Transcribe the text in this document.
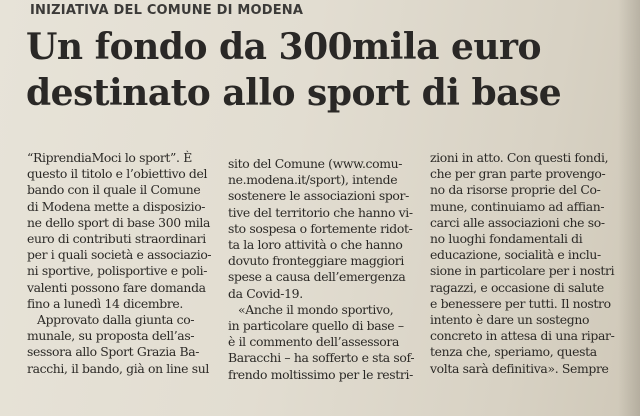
INIZIATIVA DEL COMUNE DI MODENA
Un fondo da 300mila euro
destinato allo sport di base
“RiprendiaMoci lo sport”. È
questo il titolo e l’obiettivo del
bando con il quale il Comune
di Modena mette a disposizio-
ne dello sport di base 300 mila
euro di contributi straordinari
per i quali società e associazio-
ni sportive, polisportive e poli-
valenti possono fare domanda
fino a lunedì 14 dicembre.
Approvato dalla giunta co-
munale, su proposta dell’as-
sessora allo Sport Grazia Ba-
racchi, il bando, già on line sul
sito del Comune (www.comu-
ne.modena.it/sport), intende
sostenere le associazioni spor-
tive del territorio che hanno vi-
sto sospesa o fortemente ridot-
ta la loro attività o che hanno
dovuto fronteggiare maggiori
spese a causa dell’emergenza
da Covid-19.
«Anche il mondo sportivo,
in particolare quello di base –
è il commento dell’assessora
Baracchi – ha sofferto e sta sof-
frendo moltissimo per le restri-
zioni in atto. Con questi fondi,
che per gran parte provengo-
no da risorse proprie del Co-
mune, continuiamo ad affian-
carci alle associazioni che so-
no luoghi fondamentali di
educazione, socialità e inclu-
sione in particolare per i nostri
ragazzi, e occasione di salute
e benessere per tutti. Il nostro
intento è dare un sostegno
concreto in attesa di una ripar-
tenza che, speriamo, questa
volta sarà definitiva». Sempre
